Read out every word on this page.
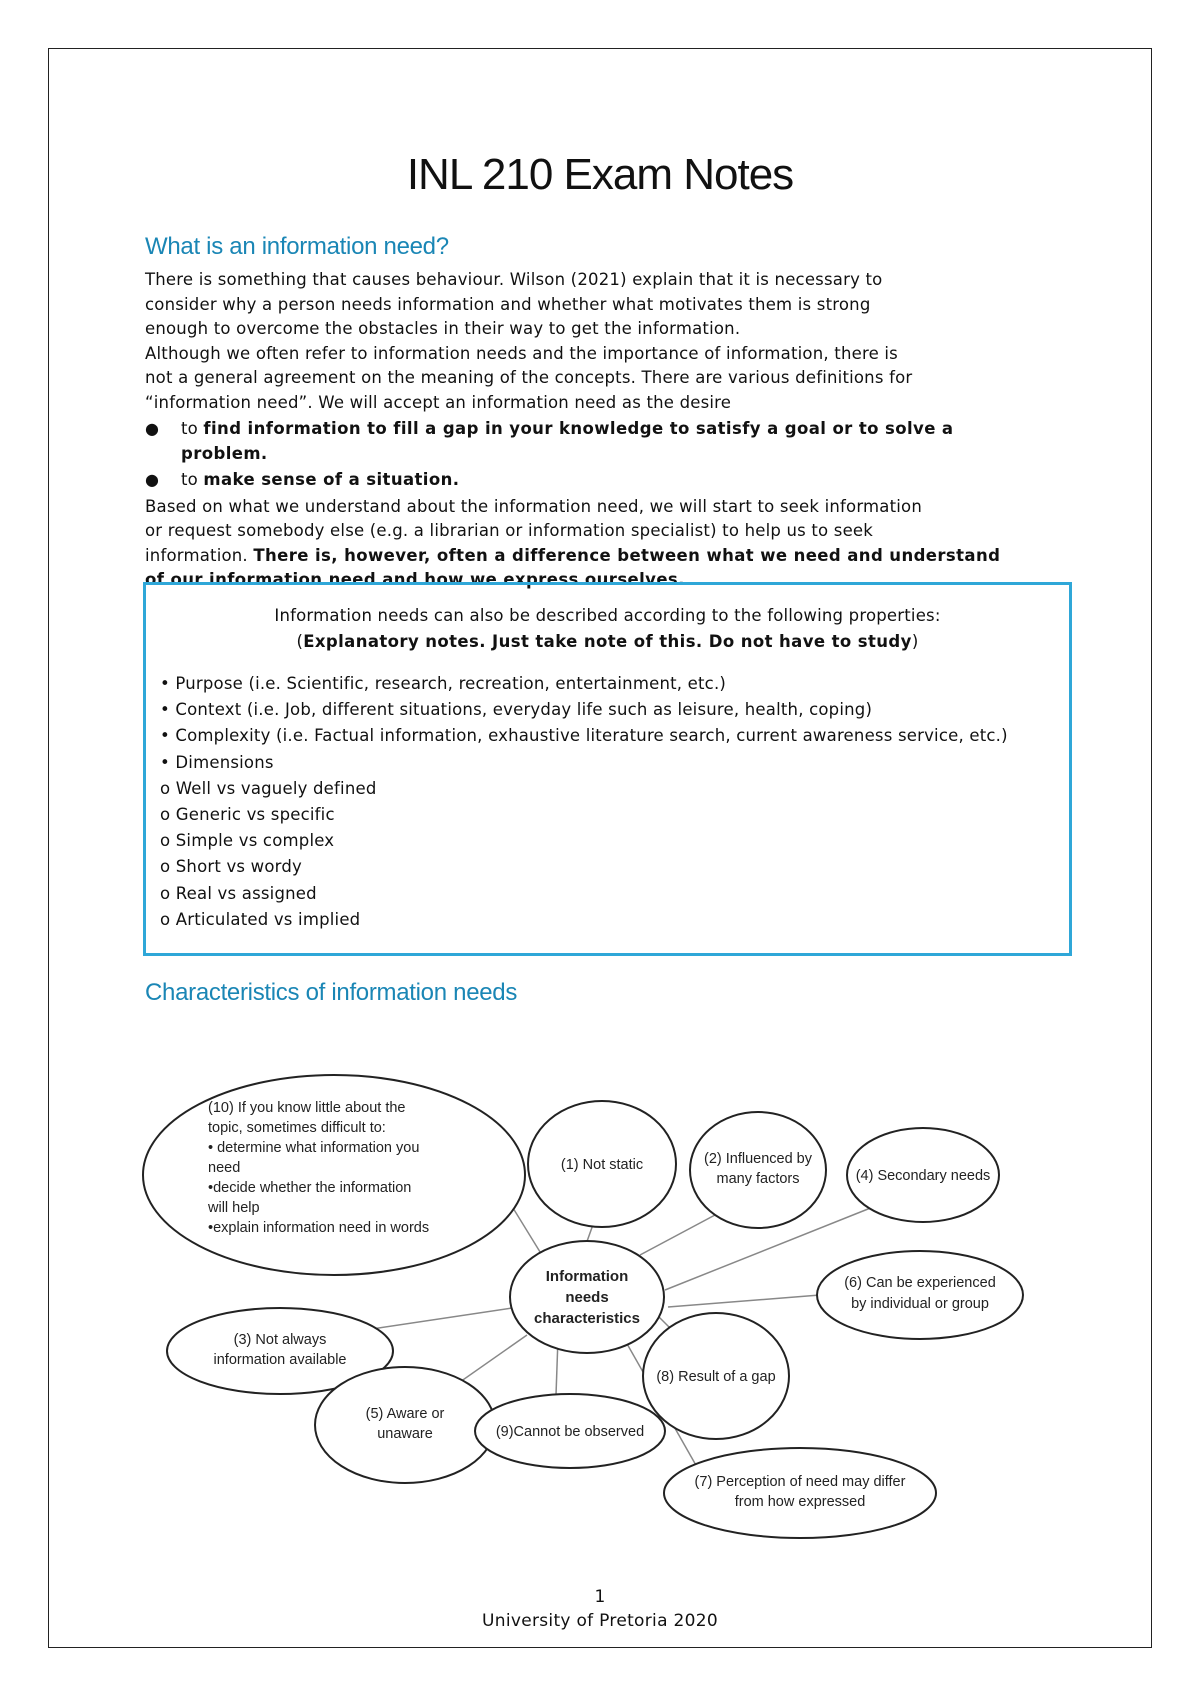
INL 210 Exam Notes
What is an information need?

There is something that causes behaviour. Wilson (2021) explain that it is necessary to

consider why a person needs information and whether what motivates them is strong

enough to overcome the obstacles in their way to get the information.

Although we often refer to information needs and the importance of information, there is

not a general agreement on the meaning of the concepts. There are various definitions for

“information need”. We will accept an information need as the desire

●	to find information to fill a gap in your knowledge to satisfy a goal or to solve a problem.
●	to make sense of a situation.

Based on what we understand about the information need, we will start to seek information

or request somebody else (e.g. a librarian or information specialist) to help us to seek

information. There is, however, often a difference between what we need and understand

of our information need and how we express ourselves.

Information needs can also be described according to the following properties:
(Explanatory notes. Just take note of this. Do not have to study)
• Purpose (i.e. Scientific, research, recreation, entertainment, etc.)
• Context (i.e. Job, different situations, everyday life such as leisure, health, coping)
• Complexity (i.e. Factual information, exhaustive literature search, current awareness service, etc.)
• Dimensions
o Well vs vaguely defined
o Generic vs specific
o Simple vs complex
o Short vs wordy
o Real vs assigned
o Articulated vs implied
Characteristics of information needs
(10) If you know little about the
topic, sometimes difficult to:
• determine what information you
need
•decide whether the information
will help
•explain information need in words
(1) Not static	(2) Influenced by
many factors	(4) Secondary needs
(6) Can be experienced
by individual or group
(3) Not always
information available
(8) Result of a gap
(5) Aware or
unaware	(9)Cannot be observed
(7) Perception of need may differ
from how expressed
Information
needs
characteristics
1
University of Pretoria 2020
